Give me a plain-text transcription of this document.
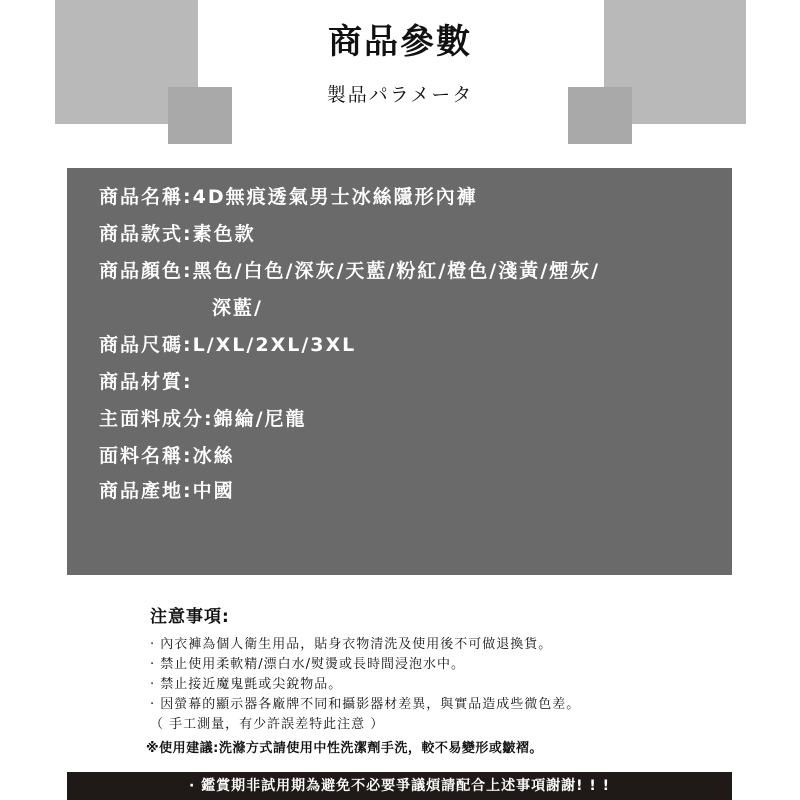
商品參數
製品パラメータ
商品名稱:4D無痕透氣男士冰絲隱形內褲
商品款式:素色款
商品顏色:黑色/白色/深灰/天藍/粉紅/橙色/淺黃/煙灰/
深藍/
商品尺碼:L/XL/2XL/3XL
商品材質:
主面料成分:錦綸/尼龍
面料名稱:冰絲
商品產地:中國
注意事項:
· 內衣褲為個人衛生用品，貼身衣物清洗及使用後不可做退換貨。
· 禁止使用柔軟精/漂白水/熨燙或長時間浸泡水中。
· 禁止接近魔鬼氈或尖銳物品。
· 因螢幕的顯示器各廠牌不同和攝影器材差異，與實品造成些微色差。
（ 手工測量，有少許誤差特此注意 ）
※使用建議:洗滌方式請使用中性洗潔劑手洗，較不易變形或皺褶。
· 鑑賞期非試用期為避免不必要爭議煩請配合上述事項謝謝! ! !
